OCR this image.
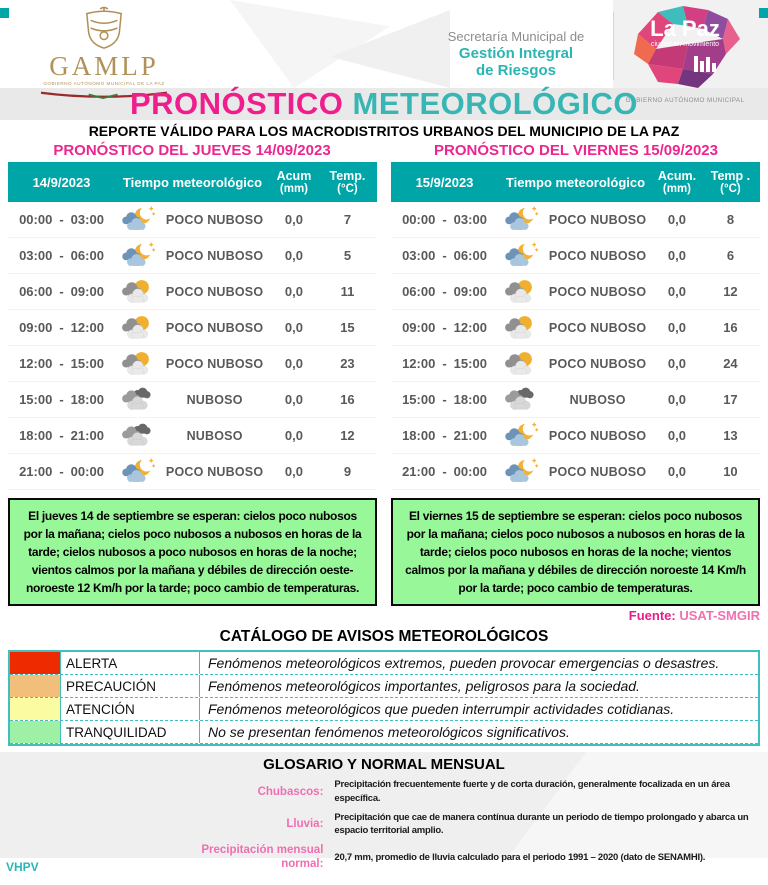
GAMLP
GOBIERNO AUTÓNOMO MUNICIPAL DE LA PAZ
Secretaría Municipal de
Gestión Integral
de Riesgos
La Paz
ciudad en movimiento
GOBIERNO AUTÓNOMO MUNICIPAL
PRONÓSTICO METEOROLÓGICO
REPORTE VÁLIDO PARA LOS MACRODISTRITOS URBANOS DEL MUNICIPIO DE LA PAZ
PRONÓSTICO DEL JUEVES 14/09/2023	PRONÓSTICO DEL VIERNES 15/09/2023
14/9/2023	Tiempo meteorológico	Acum
(mm)
Temp.
(°C)
00:00 - 03:00	POCO NUBOSO	0,0	7
03:00 - 06:00	POCO NUBOSO	0,0	5
06:00 - 09:00	POCO NUBOSO	0,0	11
09:00 - 12:00	POCO NUBOSO	0,0	15
12:00 - 15:00	POCO NUBOSO	0,0	23
15:00 - 18:00	NUBOSO	0,0	16
18:00 - 21:00	NUBOSO	0,0	12
21:00 - 00:00	POCO NUBOSO	0,0	9
15/9/2023	Tiempo meteorológico	Acum.
(mm)
Temp .
(°C)
00:00 - 03:00	POCO NUBOSO	0,0	8
03:00 - 06:00	POCO NUBOSO	0,0	6
06:00 - 09:00	POCO NUBOSO	0,0	12
09:00 - 12:00	POCO NUBOSO	0,0	16
12:00 - 15:00	POCO NUBOSO	0,0	24
15:00 - 18:00	NUBOSO	0,0	17
18:00 - 21:00	POCO NUBOSO	0,0	13
21:00 - 00:00	POCO NUBOSO	0,0	10
El jueves 14 de septiembre se esperan: cielos poco nubosos por la mañana; cielos poco nubosos a nubosos en horas de la tarde; cielos nubosos a poco nubosos en horas de la noche; vientos calmos por la mañana y débiles de dirección oeste-noroeste 12 Km/h por la tarde; poco cambio de temperaturas.
El viernes 15 de septiembre se esperan: cielos poco nubosos por la mañana; cielos poco nubosos a nubosos en horas de la tarde; cielos poco nubosos en horas de la noche; vientos calmos por la mañana y débiles de dirección noroeste 14 Km/h por la tarde; poco cambio de temperaturas.
Fuente: USAT-SMGIR
CATÁLOGO DE AVISOS METEOROLÓGICOS
ALERTA	Fenómenos meteorológicos extremos, pueden provocar emergencias o desastres.
PRECAUCIÓN	Fenómenos meteorológicos importantes, peligrosos para la sociedad.
ATENCIÓN	Fenómenos meteorológicos que pueden interrumpir actividades cotidianas.
TRANQUILIDAD	No se presentan fenómenos meteorológicos significativos.
GLOSARIO Y NORMAL MENSUAL
Chubascos:
Precipitación frecuentemente fuerte y de corta duración, generalmente focalizada en un área específica.
Lluvia:
Precipitación que cae de manera contínua durante un periodo de tiempo prolongado y abarca un espacio territorial amplio.
Precipitación mensual normal:
20,7 mm, promedio de lluvia calculado para el periodo 1991 – 2020 (dato de SENAMHI).
VHPV
